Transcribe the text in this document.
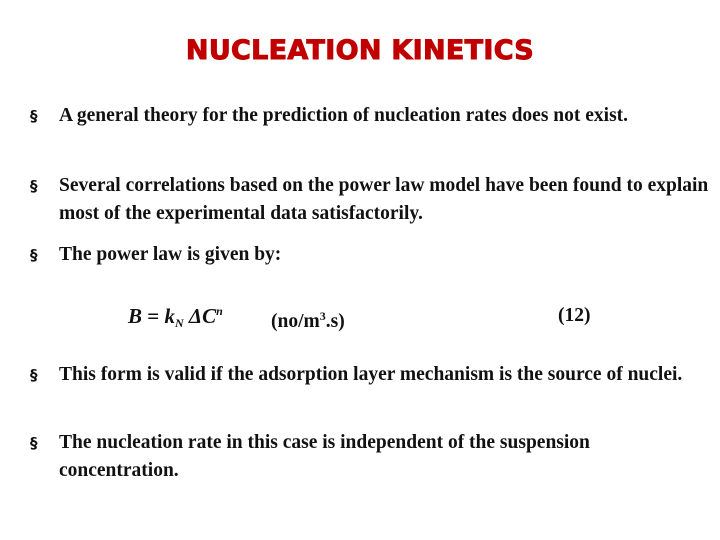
NUCLEATION KINETICS
§	A general theory for the prediction of nucleation rates does not exist.
§	Several correlations based on the power law model have been found to explain most of the experimental data satisfactorily.
§	The power law is given by:
$B = k_N$ $\Delta C^n$ $(no/m^3.s)$	(12)
§	This form is valid if the adsorption layer mechanism is the source of nuclei.
§	The nucleation rate in this case is independent of the suspension concentration.
